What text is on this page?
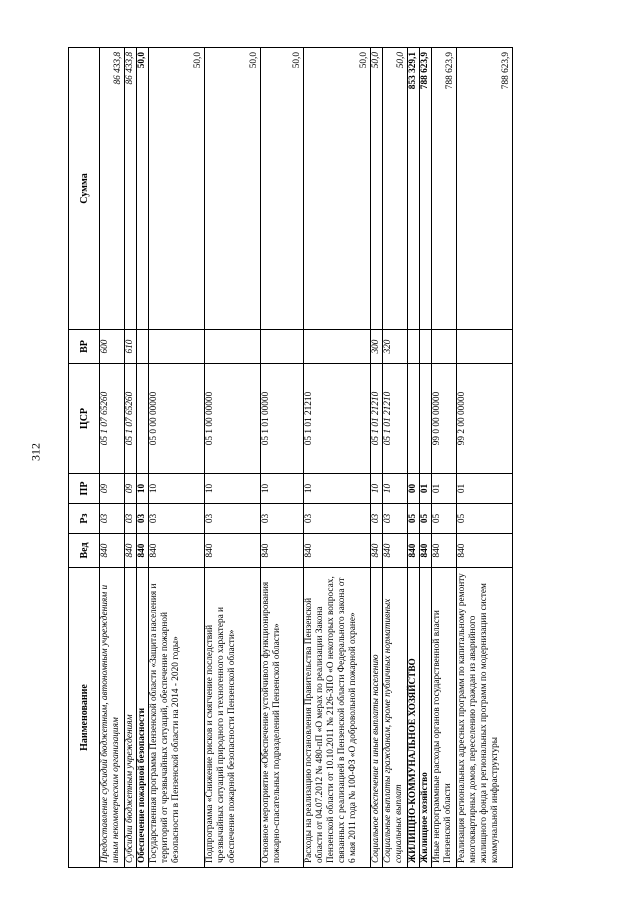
312
Наименование	Вед	Рз	ПР	ЦСР	ВР	Сумма
Предоставление субсидий бюджетным, автономным учреждениям и иным некоммерческим организациям	840	03	09	05 1 07 65260	600	86 433,8
Субсидии бюджетным учреждениям	840	03	09	05 1 07 65260	610	86 433,8
Обеспечение пожарной безопасности	840	03	10			50,0
Государственная программа Пензенской области «Защита населения и территорий от чрезвычайных ситуаций, обеспечение пожарной безопасности в Пензенской области на 2014 - 2020 годы»	840	03	10	05 0 00 00000		50,0
Подпрограмма «Снижение рисков и смягчение последствий чрезвычайных ситуаций природного и техногенного характера и обеспечение пожарной безопасности Пензенской области»	840	03	10	05 1 00 00000		50,0
Основное мероприятие «Обеспечение устойчивого функционирования пожарно-спасательных подразделений Пензенской области»	840	03	10	05 1 01 00000		50,0
Расходы на реализацию постановления Правительства Пензенской области от 04.07.2012 № 480-пП «О мерах по реализации Закона Пензенской области от 10.10.2011 № 2126-ЗПО «О некоторых вопросах, связанных с реализацией в Пензенской области Федерального закона от 6 мая 2011 года № 100-ФЗ «О добровольной пожарной охране»	840	03	10	05 1 01 21210		50,0
Социальное обеспечение и иные выплаты населению	840	03	10	05 1 01 21210	300	50,0
Социальные выплаты гражданам, кроме публичных нормативных социальных выплат	840	03	10	05 1 01 21210	320	50,0
ЖИЛИЩНО-КОММУНАЛЬНОЕ ХОЗЯЙСТВО	840	05	00			853 329,1
Жилищное хозяйство	840	05	01			788 623,9
Иные непрограммные расходы органов государственной власти Пензенской области	840	05	01	99 0 00 00000		788 623,9
Реализация региональных адресных программ по капитальному ремонту многоквартирных домов, переселению граждан из аварийного жилищного фонда и региональных программ по модернизации систем коммунальной инфраструктуры	840	05	01	99 2 00 00000		788 623,9
